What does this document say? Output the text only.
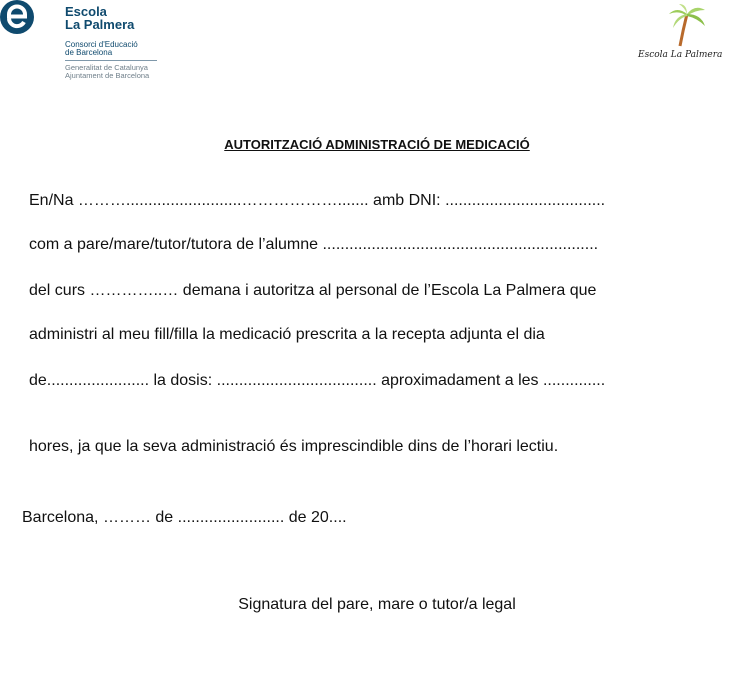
Escola
La Palmera
Consorci d'Educació
de Barcelona
Generalitat de Catalunya
Ajuntament de Barcelona
Escola La Palmera
AUTORITZACIÓ ADMINISTRACIÓ DE MEDICACIÓ
En/Na ………..........................………………....... amb DNI: ....................................
com a pare/mare/tutor/tutora de l’alumne ..............................................................
del curs …………..… demana i autoritza al personal de l’Escola La Palmera que
administri al meu fill/filla la medicació prescrita a la recepta adjunta el dia
de....................... la dosis: .................................... aproximadament a les ..............
hores, ja que la seva administració és imprescindible dins de l’horari lectiu.
Barcelona, ……… de ........................ de 20....
Signatura del pare, mare o tutor/a legal
